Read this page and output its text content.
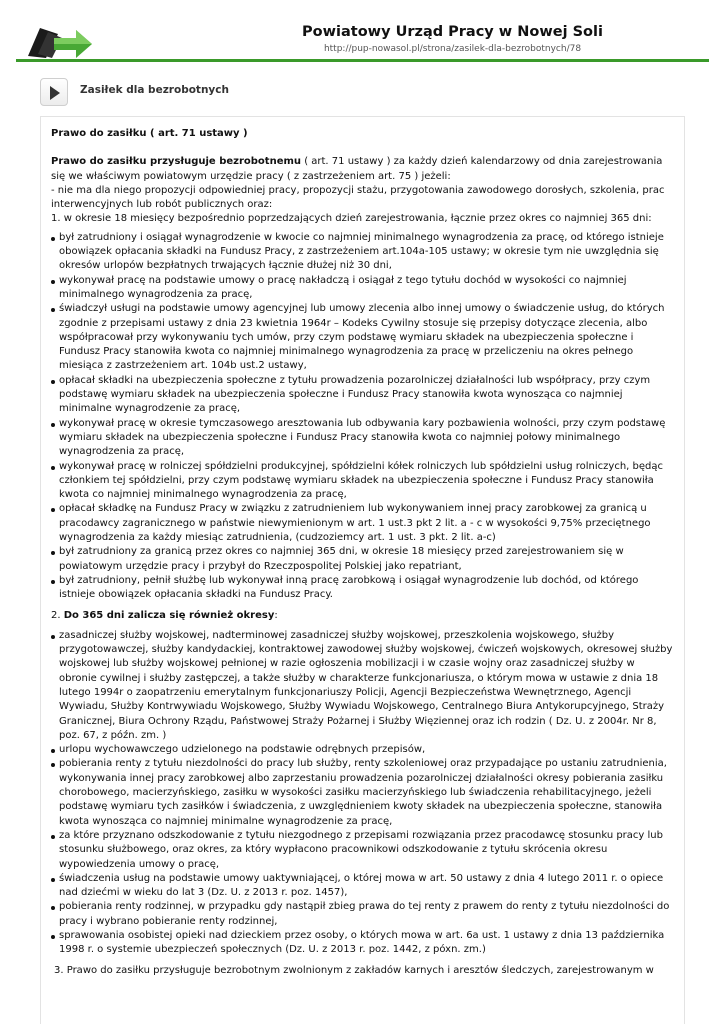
Powiatowy Urząd Pracy w Nowej Soli
http://pup-nowasol.pl/strona/zasilek-dla-bezrobotnych/78
Zasiłek dla bezrobotnych
Prawo do zasiłku ( art. 71 ustawy )
Prawo do zasiłku przysługuje bezrobotnemu ( art. 71 ustawy ) za każdy dzień kalendarzowy od dnia zarejestrowania się we właściwym powiatowym urzędzie pracy ( z zastrzeżeniem art. 75 ) jeżeli:
- nie ma dla niego propozycji odpowiedniej pracy, propozycji stażu, przygotowania zawodowego dorosłych, szkolenia, prac interwencyjnych lub robót publicznych oraz:
1. w okresie 18 miesięcy bezpośrednio poprzedzających dzień zarejestrowania, łącznie przez okres co najmniej 365 dni:
był zatrudniony i osiągał wynagrodzenie w kwocie co najmniej minimalnego wynagrodzenia za pracę, od którego istnieje obowiązek opłacania składki na Fundusz Pracy, z zastrzeżeniem art.104a-105 ustawy; w okresie tym nie uwzględnia się okresów urlopów bezpłatnych trwających łącznie dłużej niż 30 dni,
wykonywał pracę na podstawie umowy o pracę nakładczą i osiągał z tego tytułu dochód w wysokości co najmniej minimalnego wynagrodzenia za pracę,
świadczył usługi na podstawie umowy agencyjnej lub umowy zlecenia albo innej umowy o świadczenie usług, do których zgodnie z przepisami ustawy z dnia 23 kwietnia 1964r – Kodeks Cywilny stosuje się przepisy dotyczące zlecenia, albo współpracował przy wykonywaniu tych umów, przy czym podstawę wymiaru składek na ubezpieczenia społeczne i Fundusz Pracy stanowiła kwota co najmniej minimalnego wynagrodzenia za pracę w przeliczeniu na okres pełnego miesiąca z zastrzeżeniem art. 104b ust.2 ustawy,
opłacał składki na ubezpieczenia społeczne z tytułu prowadzenia pozarolniczej działalności lub współpracy, przy czym podstawę wymiaru składek na ubezpieczenia społeczne i Fundusz Pracy stanowiła kwota wynosząca co najmniej minimalne wynagrodzenie za pracę,
wykonywał pracę w okresie tymczasowego aresztowania lub odbywania kary pozbawienia wolności, przy czym podstawę wymiaru składek na ubezpieczenia społeczne i Fundusz Pracy stanowiła kwota co najmniej połowy minimalnego wynagrodzenia za pracę,
wykonywał pracę w rolniczej spółdzielni produkcyjnej, spółdzielni kółek rolniczych lub spółdzielni usług rolniczych, będąc członkiem tej spółdzielni, przy czym podstawę wymiaru składek na ubezpieczenia społeczne i Fundusz Pracy stanowiła kwota co najmniej minimalnego wynagrodzenia za pracę,
opłacał składkę na Fundusz Pracy w związku z zatrudnieniem lub wykonywaniem innej pracy zarobkowej za granicą u pracodawcy zagranicznego w państwie niewymienionym w art. 1 ust.3 pkt 2 lit. a - c w wysokości 9,75% przeciętnego wynagrodzenia za każdy miesiąc zatrudnienia, (cudzoziemcy art. 1 ust. 3 pkt. 2 lit. a-c)
był zatrudniony za granicą przez okres co najmniej 365 dni, w okresie 18 miesięcy przed zarejestrowaniem się w powiatowym urzędzie pracy i przybył do Rzeczpospolitej Polskiej jako repatriant,
był zatrudniony, pełnił służbę lub wykonywał inną pracę zarobkową i osiągał wynagrodzenie lub dochód, od którego istnieje obowiązek opłacania składki na Fundusz Pracy.
2. Do 365 dni zalicza się również okresy:
zasadniczej służby wojskowej, nadterminowej zasadniczej służby wojskowej, przeszkolenia wojskowego, służby przygotowawczej, służby kandydackiej, kontraktowej zawodowej służby wojskowej, ćwiczeń wojskowych, okresowej służby wojskowej lub służby wojskowej pełnionej w razie ogłoszenia mobilizacji i w czasie wojny oraz zasadniczej służby w obronie cywilnej i służby zastępczej, a także służby w charakterze funkcjonariusza, o którym mowa w ustawie z dnia 18 lutego 1994r o zaopatrzeniu emerytalnym funkcjonariuszy Policji, Agencji Bezpieczeństwa Wewnętrznego, Agencji Wywiadu, Służby Kontrwywiadu Wojskowego, Służby Wywiadu Wojskowego, Centralnego Biura Antykorupcyjnego, Straży Granicznej, Biura Ochrony Rządu, Państwowej Straży Pożarnej i Służby Więziennej oraz ich rodzin ( Dz. U. z 2004r. Nr 8, poz. 67, z późn. zm. )
urlopu wychowawczego udzielonego na podstawie odrębnych przepisów,
pobierania renty z tytułu niezdolności do pracy lub służby, renty szkoleniowej oraz przypadające po ustaniu zatrudnienia, wykonywania innej pracy zarobkowej albo zaprzestaniu prowadzenia pozarolniczej działalności okresy pobierania zasiłku chorobowego, macierzyńskiego, zasiłku w wysokości zasiłku macierzyńskiego lub świadczenia rehabilitacyjnego, jeżeli podstawę wymiaru tych zasiłków i świadczenia, z uwzględnieniem kwoty składek na ubezpieczenia społeczne, stanowiła kwota wynosząca co najmniej minimalne wynagrodzenie za pracę,
za które przyznano odszkodowanie z tytułu niezgodnego z przepisami rozwiązania przez pracodawcę stosunku pracy lub stosunku służbowego, oraz okres, za który wypłacono pracownikowi odszkodowanie z tytułu skrócenia okresu wypowiedzenia umowy o pracę,
świadczenia usług na podstawie umowy uaktywniającej, o której mowa w art. 50 ustawy z dnia 4 lutego 2011 r. o opiece nad dziećmi w wieku do lat 3 (Dz. U. z 2013 r. poz. 1457),
pobierania renty rodzinnej, w przypadku gdy nastąpił zbieg prawa do tej renty z prawem do renty z tytułu niezdolności do pracy i wybrano pobieranie renty rodzinnej,
sprawowania osobistej opieki nad dzieckiem przez osoby, o których mowa w art. 6a ust. 1 ustawy z dnia 13 października 1998 r. o systemie ubezpieczeń społecznych (Dz. U. z 2013 r. poz. 1442, z póxn. zm.)
3. Prawo do zasiłku przysługuje bezrobotnym zwolnionym z zakładów karnych i aresztów śledczych, zarejestrowanym w
